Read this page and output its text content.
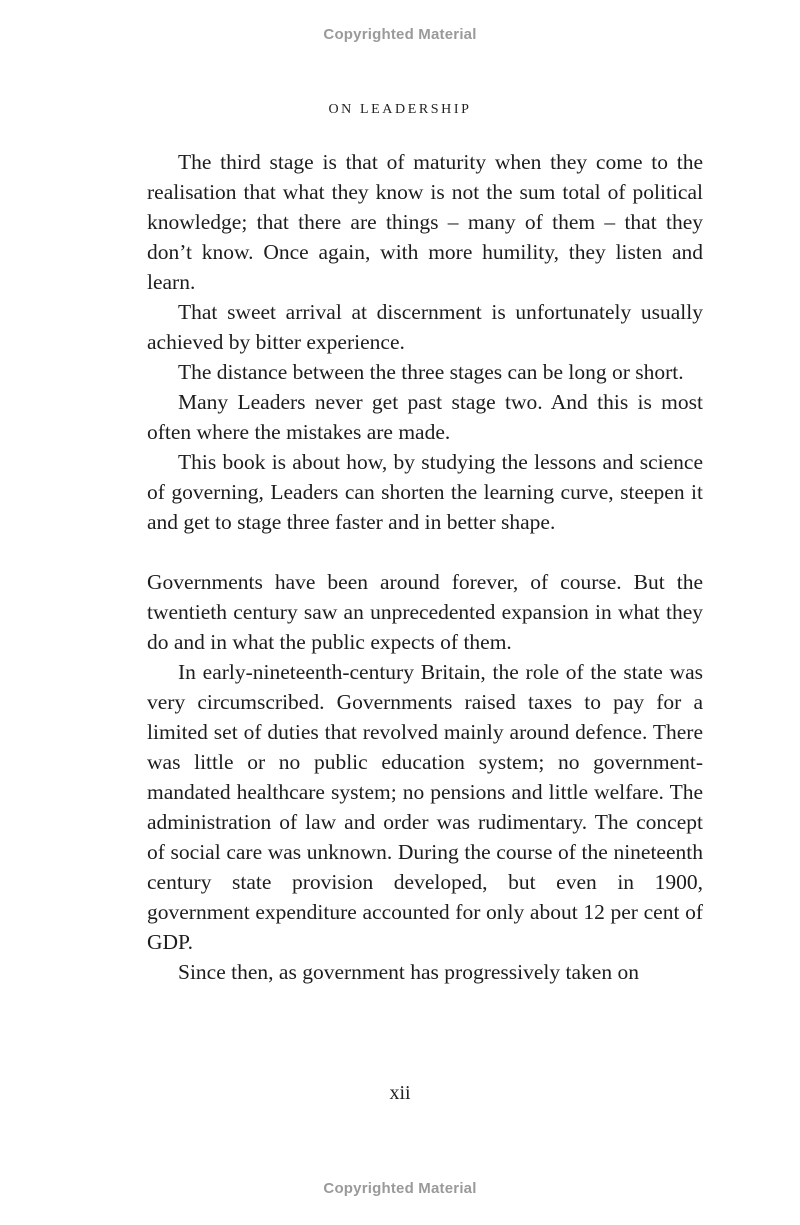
Copyrighted Material
ON LEADERSHIP

The third stage is that of maturity when they come to the realisation that what they know is not the sum total of political knowledge; that there are things – many of them – that they don’t know. Once again, with more humility, they listen and learn.

That sweet arrival at discernment is unfortunately usually achieved by bitter experience.

The distance between the three stages can be long or short.

Many Leaders never get past stage two. And this is most often where the mistakes are made.

This book is about how, by studying the lessons and science of governing, Leaders can shorten the learning curve, steepen it and get to stage three faster and in better shape.

Governments have been around forever, of course. But the twentieth century saw an unprecedented expansion in what they do and in what the public expects of them.

In early-nineteenth-century Britain, the role of the state was very circumscribed. Governments raised taxes to pay for a limited set of duties that revolved mainly around defence. There was little or no public education system; no government-mandated healthcare system; no pensions and little welfare. The administration of law and order was rudimentary. The concept of social care was unknown. During the course of the nineteenth century state provision developed, but even in 1900, government expenditure accounted for only about 12 per cent of GDP.

Since then, as government has progressively taken on

xii
Copyrighted Material
